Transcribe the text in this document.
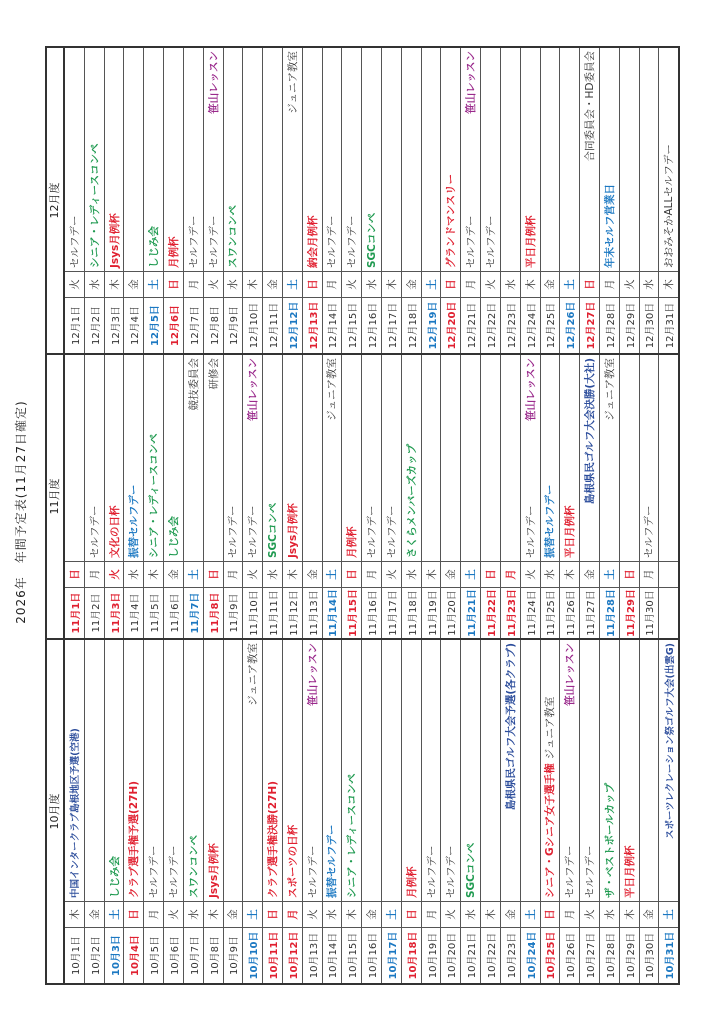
2026年　年間予定表(11月27日確定)
10月度
10月1日
木
中国インタークラブ島根地区予選(空港)
10月2日
金
10月3日
土
しじみ会
10月4日
日
クラブ選手権予選(27H)
10月5日
月
セルフデー
10月6日
火
セルフデー
10月7日
水
スワンコンペ
10月8日
木
Jsys月例杯
10月9日
金
10月10日
土
ジュニア教室
10月11日
日
クラブ選手権決勝(27H)
10月12日
月
スポーツの日杯
10月13日
火
セルフデー
笹山レッスン
10月14日
水
振替セルフデー
10月15日
木
シニア・レディースコンペ
10月16日
金
10月17日
土
10月18日
日
月例杯
10月19日
月
セルフデー
10月20日
火
セルフデー
10月21日
水
SGCコンペ
10月22日
木
10月23日
金
島根県民ゴルフ大会予選(各クラブ)
10月24日
土
10月25日
日
シニア・Gシニア女子選手権
ジュニア教室
10月26日
月
セルフデー
笹山レッスン
10月27日
火
セルフデー
10月28日
水
ザ・ベストボールカップ
10月29日
木
平日月例杯
10月30日
金
10月31日
土
スポーツレクレーション祭ゴルフ大会(出雲G)
11月度
11月1日
日
11月2日
月
セルフデー
11月3日
火
文化の日杯
11月4日
水
振替セルフデー
11月5日
木
シニア・レディースコンペ
11月6日
金
しじみ会
11月7日
土
競技委員会
11月8日
日
研修会
11月9日
月
セルフデー
11月10日
火
セルフデー
笹山レッスン
11月11日
水
SGCコンペ
11月12日
木
Jsys月例杯
11月13日
金
11月14日
土
ジュニア教室
11月15日
日
月例杯
11月16日
月
セルフデー
11月17日
火
セルフデー
11月18日
水
さくらメンバーズカップ
11月19日
木
11月20日
金
11月21日
土
11月22日
日
11月23日
月
11月24日
火
セルフデー
笹山レッスン
11月25日
水
振替セルフデー
11月26日
木
平日月例杯
11月27日
金
島根県民ゴルフ大会決勝(大社)
11月28日
土
ジュニア教室
11月29日
日
11月30日
月
セルフデー
12月度
12月1日
火
セルフデー
12月2日
水
シニア・レディースコンペ
12月3日
木
Jsys月例杯
12月4日
金
12月5日
土
しじみ会
12月6日
日
月例杯
12月7日
月
セルフデー
12月8日
火
セルフデー
笹山レッスン
12月9日
水
スワンコンペ
12月10日
木
12月11日
金
12月12日
土
ジュニア教室
12月13日
日
納会月例杯
12月14日
月
セルフデー
12月15日
火
セルフデー
12月16日
水
SGCコンペ
12月17日
木
12月18日
金
12月19日
土
12月20日
日
グランドマンスリー
12月21日
月
セルフデー
笹山レッスン
12月22日
火
セルフデー
12月23日
水
12月24日
木
平日月例杯
12月25日
金
12月26日
土
12月27日
日
合同委員会・HD委員会
12月28日
月
年末セルフ営業日
12月29日
火
12月30日
水
12月31日
木
おおみそかALLセルフデー
